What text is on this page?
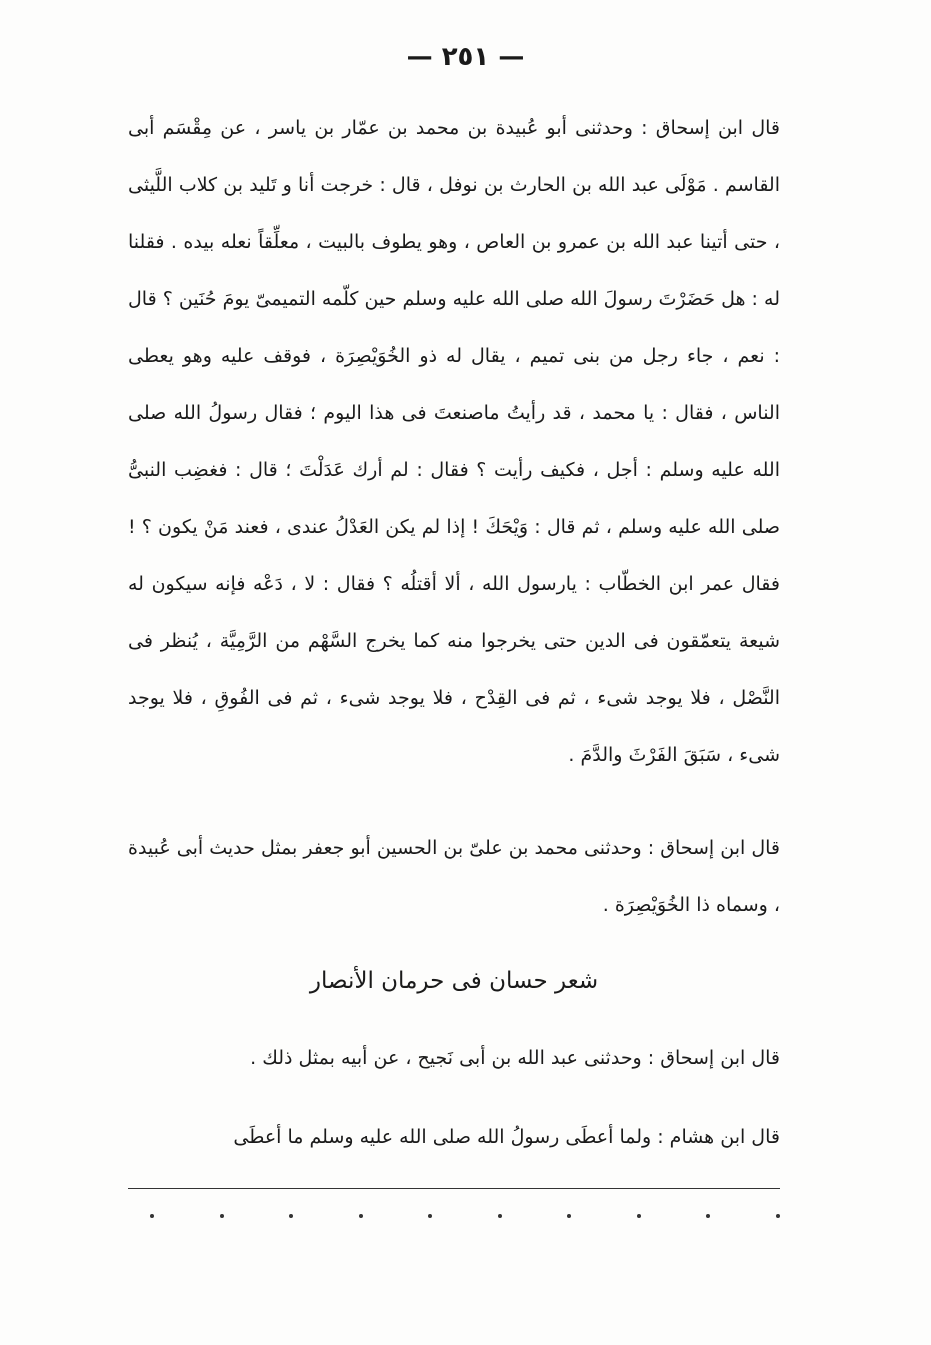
— ٢٥١ —

قال ابن إسحاق : وحدثنى أبو عُبيدة بن محمد بن عمّار بن ياسر ، عن مِقْسَم أبى القاسم . مَوْلَى عبد الله بن الحارث بن نوفل ، قال : خرجت أنا و تَليد بن كلاب اللَّيثى ، حتى أتينا عبد الله بن عمرو بن العاص ، وهو يطوف بالبيت ، معلِّقاً نعله بيده . فقلنا له : هل حَضَرْتَ رسولَ الله صلى الله عليه وسلم حين كلّمه التميمىّ يومَ حُنَين ؟ قال : نعم ، جاء رجل من بنى تميم ، يقال له ذو الخُوَيْصِرَة ، فوقف عليه وهو يعطى الناس ، فقال : يا محمد ، قد رأيتُ ماصنعتَ فى هذا اليوم ؛ فقال رسولُ الله صلى الله عليه وسلم : أجل ، فكيف رأيت ؟ فقال : لم أرك عَدَلْتَ ؛ قال : فغضِب النبىُّ صلى الله عليه وسلم ، ثم قال : وَيْحَكَ ! إذا لم يكن العَدْلُ عندى ، فعند مَنْ يكون ؟ ! فقال عمر ابن الخطّاب : يارسول الله ، ألا أقتلُه ؟ فقال : لا ، دَعْه فإنه سيكون له شيعة يتعمّقون فى الدين حتى يخرجوا منه كما يخرج السَّهْم من الرَّمِيَّة ، يُنظر فى النَّصْل ، فلا يوجد شىء ، ثم فى القِدْح ، فلا يوجد شىء ، ثم فى الفُوقِ ، فلا يوجد شىء ، سَبَقَ الفَرْثَ والدَّمَ .

قال ابن إسحاق : وحدثنى محمد بن علىّ بن الحسين أبو جعفر بمثل حديث أبى عُبيدة ، وسماه ذا الخُوَيْصِرَة .

شعر حسان فى حرمان الأنصار

قال ابن إسحاق : وحدثنى عبد الله بن أبى نَجيح ، عن أبيه بمثل ذلك .

قال ابن هشام : ولما أعطَى رسولُ الله صلى الله عليه وسلم ما أعطَى
